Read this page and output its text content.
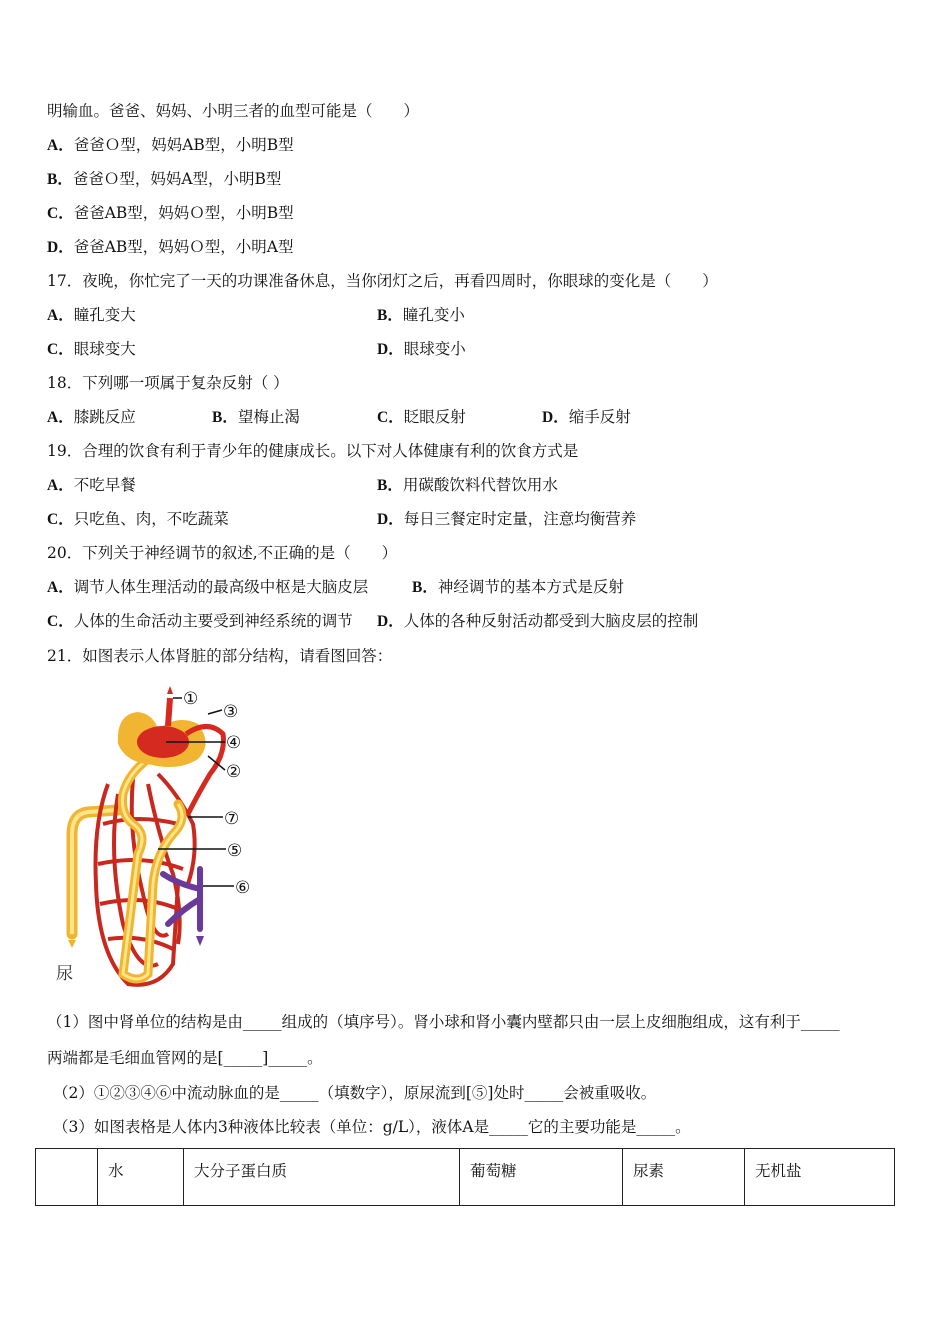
明输血。爸爸、妈妈、小明三者的血型可能是（　　）
A．爸爸Ｏ型，妈妈AB型，小明B型
B．爸爸Ｏ型，妈妈A型，小明B型
C．爸爸AB型，妈妈Ｏ型，小明B型
D．爸爸AB型，妈妈Ｏ型，小明A型
17．夜晚，你忙完了一天的功课准备休息，当你闭灯之后，再看四周时，你眼球的变化是（　　）
A．瞳孔变大	B．瞳孔变小
C．眼球变大	D．眼球变小
18．下列哪一项属于复杂反射（ ）
A．膝跳反应	B．望梅止渴	C．眨眼反射	D．缩手反射
19．合理的饮食有利于青少年的健康成长。以下对人体健康有利的饮食方式是
A．不吃早餐	B．用碳酸饮料代替饮用水
C．只吃鱼、肉，不吃蔬菜	D．每日三餐定时定量，注意均衡营养
20．下列关于神经调节的叙述,不正确的是（　　）
A．调节人体生理活动的最高级中枢是大脑皮层	B．神经调节的基本方式是反射
C．人体的生命活动主要受到神经系统的调节 D．人体的各种反射活动都受到大脑皮层的控制
21．如图表示人体肾脏的部分结构，请看图回答：
①
③
④
②
⑦
⑤
⑥
尿
（1）图中肾单位的结构是由_____组成的（填序号）。肾小球和肾小囊内壁都只由一层上皮细胞组成，这有利于_____
两端都是毛细血管网的是[_____]_____。
（2）①②③④⑥中流动脉血的是_____（填数字），原尿流到[⑤]处时_____会被重吸收。
（3）如图表格是人体内3种液体比较表（单位：g/L），液体A是_____它的主要功能是_____。
	水	大分子蛋白质	葡萄糖	尿素	无机盐
